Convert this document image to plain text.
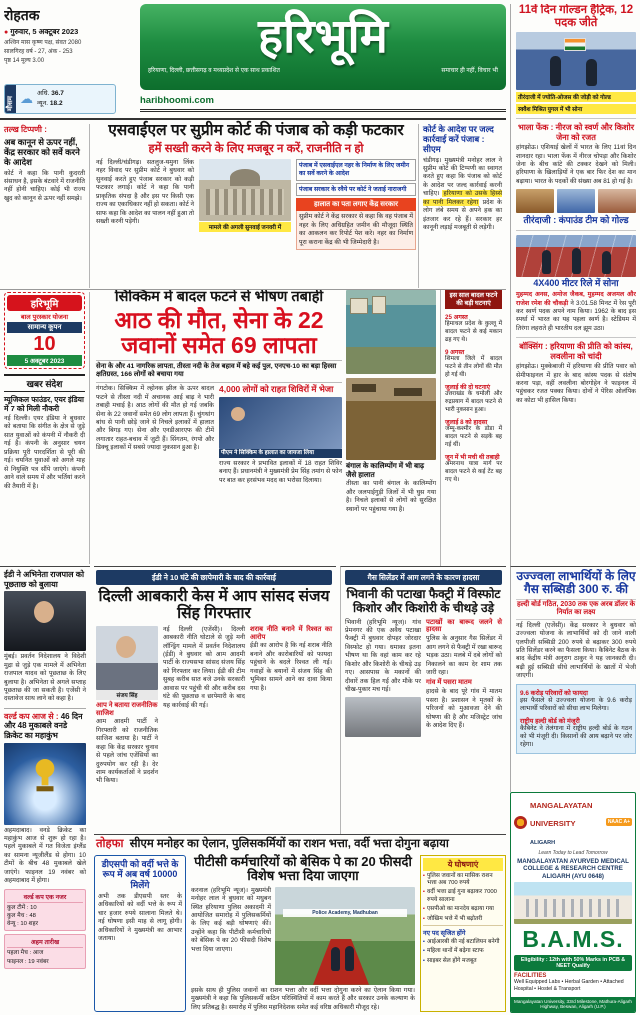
रोहतक
● गुरुवार, 5 अक्टूबर 2023
अश्विन मास कृष्ण पक्ष, संवत 2080
सालगिरह वर्ष - 27, अंक - 253
पृष्ठ 14 मूल्य 3.00
मौसम ☁ अधि. 36.7
न्यून. 18.2
हरिभूमि
हरियाणा, दिल्ली, छत्तीसगढ़ व मध्यप्रदेश से एक साथ प्रकाशित	समाचार ही नहीं, विचार भी
haribhoomi.com
11वें दिन गोल्डन हैट्रिक, 12 पदक जीते
तीरंदाजी में ज्योति-ओजस की जोड़ी को गोल्ड
स्क्वैश मिश्रित युगल में भी सोना
भाला फेंक : नीरज को स्वर्ण और किशोर जेना को रजत
हांगझोऊ। एशियाई खेलों में भारत के लिए 11वां दिन शानदार रहा। भाला फेंक में नीरज चोपड़ा और किशोर जेना के बीच कांटे की टक्कर देखने को मिली। हरियाणा के खिलाड़ियों ने एक बार फिर देश का मान बढ़ाया। भारत के पदकों की संख्या अब 81 हो गई है।
तीरंदाजी : कंपाउंड टीम को गोल्ड
4X400 मीटर रिले में सोना
मुहम्मद अनस, अमोज जैकब, मुहम्मद अजमल और राजेश रमेश की चौकड़ी ने 3:01.58 मिनट में रेस पूरी कर स्वर्ण पदक अपने नाम किया। 1962 के बाद इस स्पर्धा में भारत का यह पहला स्वर्ण है। स्टेडियम में तिरंगा लहराते ही भारतीय दल झूम उठा।
बॉक्सिंग : हरियाणा की प्रीति को कांस्य, लवलीना को चांदी
हांगझोऊ। मुक्केबाजी में हरियाणा की प्रीति पवार को सेमीफाइनल में हार के बाद कांस्य पदक से संतोष करना पड़ा, वहीं लवलीना बोरगोहेन ने फाइनल में पहुंचकर रजत पक्का किया। दोनों ने पेरिस ओलंपिक का कोटा भी हासिल किया।
तल्ख टिप्पणी :
अब कानून से ऊपर नहीं, केंद्र सरकार को सर्वे करने के आदेश
कोर्ट ने कहा कि पानी कुदरती संसाधन है, इसके बंटवारे में राजनीति नहीं होनी चाहिए। कोई भी राज्य खुद को कानून से ऊपर नहीं समझे।
एसवाईएल पर सुप्रीम कोर्ट की पंजाब को कड़ी फटकार
हमें सख्ती करने के लिए मजबूर न करें, राजनीति न हो
नई दिल्ली/चंडीगढ़। सतलुज-यमुना लिंक नहर विवाद पर सुप्रीम कोर्ट ने बुधवार को सुनवाई करते हुए पंजाब सरकार को कड़ी फटकार लगाई। कोर्ट ने कहा कि पानी प्राकृतिक संपदा है और इस पर किसी एक राज्य का एकाधिकार नहीं हो सकता। कोर्ट ने साफ कहा कि आदेश का पालन नहीं हुआ तो सख्ती करनी पड़ेगी।
मामले की अगली सुनवाई जनवरी में
पंजाब में एसवाईएल नहर के निर्माण के लिए जमीन का सर्वे करने के आदेश
पंजाब सरकार के रवैये पर कोर्ट ने जताई नाराजगी
हालात का पता लगाए केंद्र सरकार
सुप्रीम कोर्ट ने केंद्र सरकार से कहा कि वह पंजाब में नहर के लिए अधिग्रहित जमीन की मौजूदा स्थिति का आकलन कर रिपोर्ट पेश करे। नहर का निर्माण पूरा कराना केंद्र की भी जिम्मेदारी है।
कोर्ट के आदेश पर जल्द कार्रवाई करें पंजाब : सीएम
चंडीगढ़। मुख्यमंत्री मनोहर लाल ने सुप्रीम कोर्ट की टिप्पणी का स्वागत करते हुए कहा कि पंजाब को कोर्ट के आदेश पर जल्द कार्रवाई करनी चाहिए। हरियाणा को उसके हिस्से का पानी मिलकर रहेगा प्रदेश के लोग लंबे समय से अपने हक का इंतजार कर रहे हैं। सरकार हर कानूनी लड़ाई मजबूती से लड़ेगी।
हरिभूमि
बाल पुरस्कार योजना
सामान्य कूपन
10
5 अक्टूबर 2023
खबर संदेश
म्यूजिकल फाउंडर, एयर इंडिया में 7 को मिली नौकरी
नई दिल्ली। एयर इंडिया ने बुधवार को बताया कि संगीत के क्षेत्र से जुड़े सात युवाओं को कंपनी में नौकरी दी गई है। कंपनी के अनुसार चयन प्रक्रिया पूरी पारदर्शिता से पूरी की गई। चयनित युवाओं को अगले माह से नियुक्ति पत्र सौंपे जाएंगे। कंपनी आने वाले समय में और भर्तियां करने की तैयारी में है।
सिक्किम में बादल फटने से भीषण तबाही
आठ की मौत, सेना के 22 जवानों समेत 69 लापता
सेना के और 41 नागरिक लापता, तीस्ता नदी के तेज बहाव में बहे कई पुल, एनएच-10 का बड़ा हिस्सा क्षतिग्रस्त, 166 लोगों को बचाया गया
गंगटोक। सिक्किम में ल्होनक झील के ऊपर बादल फटने से तीस्ता नदी में अचानक आई बाढ़ ने भारी तबाही मचाई है। आठ लोगों की मौत हो गई जबकि सेना के 22 जवानों समेत 69 लोग लापता हैं। चुंगथांग बांध से पानी छोड़े जाने से निचले इलाकों में हालात और बिगड़ गए। सेना और एनडीआरएफ की टीमें लगातार राहत-बचाव में जुटी हैं। सिंगतम, रंगपो और डिक्चू इलाकों में सबसे ज्यादा नुकसान हुआ है।
4,000 लोगों को राहत शिविरों में भेजा
पीएम ने सिक्किम के हालात का जायजा लिया
राज्य सरकार ने प्रभावित इलाकों में 18 राहत शिविर बनाए हैं। प्रधानमंत्री ने मुख्यमंत्री प्रेम सिंह तमांग से फोन पर बात कर हरसंभव मदद का भरोसा दिलाया।
बंगाल के कालिम्पोंग में भी बाढ़ जैसे हालात
तीस्ता का पानी बंगाल के कालिम्पोंग और जलपाईगुड़ी जिलों में भी घुस गया है। निचले इलाकों से लोगों को सुरक्षित स्थानों पर पहुंचाया गया है।
इस साल बादल फटने की बड़ी घटनाएं
25 अगस्त
हिमाचल प्रदेश के कुल्लू में बादल फटने से कई मकान ढह गए थे।
9 अगस्त
शिमला जिले में बादल फटने से तीन लोगों की मौत हो गई थी।
जुलाई की दो घटनाएं
उत्तराखंड के चमोली और रुद्रप्रयाग में बादल फटने से भारी नुकसान हुआ।
जुलाई 8 को हादसा
जम्मू-कश्मीर के डोडा में बादल फटने से सड़कें बह गई थीं।
जून में भी मची थी तबाही
अमरनाथ यात्रा मार्ग पर बादल फटने से कई टेंट बह गए थे।
ईडी ने अभिनेता राजपाल को पूछताछ को बुलाया
मुंबई। प्रवर्तन निदेशालय ने विदेशी मुद्रा से जुड़े एक मामले में अभिनेता राजपाल यादव को पूछताछ के लिए बुलाया है। अभिनेता से अगले सप्ताह पूछताछ की जा सकती है। एजेंसी ने दस्तावेज साथ लाने को कहा है।
वर्ल्ड कप आज से : 46 दिन और 48 मुकाबले वनडे क्रिकेट का महाकुंभ
अहमदाबाद। वनडे क्रिकेट का महाकुंभ आज से शुरू हो रहा है। पहले मुकाबले में गत विजेता इंग्लैंड का सामना न्यूजीलैंड से होगा। 10 टीमों के बीच 48 मुकाबले खेले जाएंगे। फाइनल 19 नवंबर को अहमदाबाद में होगा।
वर्ल्ड कप एक नजर
कुल टीमें : 10
कुल मैच : 48
वेन्यू : 10 शहर
अहम तारीख
पहला मैच : आज
फाइनल : 19 नवंबर
ईडी ने 10 घंटे की छापेमारी के बाद की कार्रवाई
दिल्ली आबकारी केस में आप सांसद संजय सिंह गिरफ्तार
संजय सिंह
आप ने बताया राजनीतिक साजिश
आम आदमी पार्टी ने गिरफ्तारी को राजनीतिक साजिश बताया है। पार्टी ने कहा कि केंद्र सरकार चुनाव से पहले जांच एजेंसियों का दुरुपयोग कर रही है। देर शाम कार्यकर्ताओं ने प्रदर्शन भी किया।
नई दिल्ली (एजेंसी)। दिल्ली आबकारी नीति घोटाले से जुड़े मनी लॉन्ड्रिंग मामले में प्रवर्तन निदेशालय (ईडी) ने बुधवार को आम आदमी पार्टी के राज्यसभा सांसद संजय सिंह को गिरफ्तार कर लिया। ईडी की टीम सुबह करीब सात बजे उनके सरकारी आवास पर पहुंची थी और करीब दस घंटे की पूछताछ व छापेमारी के बाद यह कार्रवाई की गई।
शराब नीति बनाने में रिश्वत का आरोप
ईडी का आरोप है कि नई शराब नीति बनाने और कारोबारियों को फायदा पहुंचाने के बदले रिश्वत ली गई। गवाहों के बयानों में संजय सिंह की भूमिका सामने आने का दावा किया गया है।
गैस सिलेंडर में आग लगने के कारण हादसा
भिवानी की पटाखा फैक्ट्री में विस्फोट किशोर और किशोरी के चीथड़े उड़े
भिवानी (हरिभूमि न्यूज)। गांव प्रेमनगर की एक अवैध पटाखा फैक्ट्री में बुधवार दोपहर जोरदार विस्फोट हो गया। धमाका इतना भीषण था कि वहां काम कर रहे किशोर और किशोरी के चीथड़े उड़ गए। आसपास के मकानों की दीवारें तक हिल गईं और मौके पर चीख-पुकार मच गई।
पटाखों का बारूद जलने से हादसा
पुलिस के अनुसार गैस सिलेंडर में आग लगने से फैक्ट्री में रखा बारूद भड़क उठा। मलबे में दबे लोगों को निकालने का काम देर शाम तक जारी रहा।
गांव में पसरा मातम
हादसे के बाद पूरे गांव में मातम पसरा है। प्रशासन ने मृतकों के परिजनों को मुआवजा देने की घोषणा की है और मजिस्ट्रेट जांच के आदेश दिए हैं।
उज्ज्वला लाभार्थियों के लिए गैस सब्सिडी 300 रु. की
हल्दी बोर्ड गठित, 2030 तक एक अरब डॉलर के निर्यात का लक्ष्य
नई दिल्ली (एजेंसी)। केंद्र सरकार ने बुधवार को उज्ज्वला योजना के लाभार्थियों को दी जाने वाली एलपीजी सब्सिडी 200 रुपये से बढ़ाकर 300 रुपये प्रति सिलेंडर करने का फैसला किया। कैबिनेट बैठक के बाद केंद्रीय मंत्री अनुराग ठाकुर ने यह जानकारी दी। बढ़ी हुई सब्सिडी सीधे लाभार्थियों के खातों में भेजी जाएगी।
9.6 करोड़ परिवारों को फायदा
इस फैसले से उज्ज्वला योजना के 9.6 करोड़ लाभार्थी परिवारों को सीधा लाभ मिलेगा।
राष्ट्रीय हल्दी बोर्ड को मंजूरी
कैबिनेट ने तेलंगाना में राष्ट्रीय हल्दी बोर्ड के गठन को भी मंजूरी दी। किसानों की आय बढ़ाने पर जोर रहेगा।
तोहफा सीएम मनोहर का ऐलान, पुलिसकर्मियों का राशन भत्ता, वर्दी भत्ता दोगुना बढ़ाया
डीएसपी को वर्दी भत्ते के रूप में अब वर्ष 10000 मिलेंगे
अभी तक डीएसपी स्तर के अधिकारियों को वर्दी भत्ते के रूप में चार हजार रुपये सालाना मिलते थे। नई घोषणा इसी माह से लागू होगी। अधिकारियों ने मुख्यमंत्री का आभार जताया।
पीटीसी कर्मचारियों को बेसिक पे का 20 फीसदी विशेष भत्ता दिया जाएगा
करनाल (हरिभूमि न्यूज)। मुख्यमंत्री मनोहर लाल ने बुधवार को मधुबन स्थित हरियाणा पुलिस अकादमी में आयोजित समारोह में पुलिसकर्मियों के लिए कई बड़ी घोषणाएं कीं। उन्होंने कहा कि पीटीसी कर्मचारियों को बेसिक पे का 20 फीसदी विशेष भत्ता दिया जाएगा।
Police Academy, Madhuban
इसके साथ ही पुलिस जवानों का राशन भत्ता और वर्दी भत्ता दोगुना करने का ऐलान किया गया। मुख्यमंत्री ने कहा कि पुलिसकर्मी कठिन परिस्थितियों में काम करते हैं और सरकार उनके कल्याण के लिए प्रतिबद्ध है। समारोह में पुलिस महानिदेशक समेत कई वरिष्ठ अधिकारी मौजूद रहे।
ये घोषणाएं
▪ पुलिस जवानों का मासिक राशन भत्ता अब 700 रुपये
▪ वर्दी भत्ता ढाई गुना बढ़ाकर 7000 रुपये सालाना
▪ एसपीओ का मानदेय बढ़ाया गया
▪ जोखिम भत्ते में भी बढ़ोतरी
नए पद सृजित होंगे
▪ आईआरबी की नई बटालियन बनेगी
▪ महिला थानों में बढ़ेगा स्टाफ
▪ साइबर सेल होंगे मजबूत
MANGALAYATAN UNIVERSITY
ALIGARH
NAAC A+
Learn Today to Lead Tomorrow
MANGALAYATAN AYURVED MEDICAL COLLEGE & RESEARCH CENTRE ALIGARH (AYU 0648)
B.A.M.S.
Eligibility : 12th with 50% Marks in PCB & NEET Qualify
FACILITIES
Well Equipped Labs • Herbal Garden • Attached Hospital • Hostel & Transport
Mangalayatan University, 33rd Milestone, Mathura-Aligarh Highway, Beswan, Aligarh (U.P.)
